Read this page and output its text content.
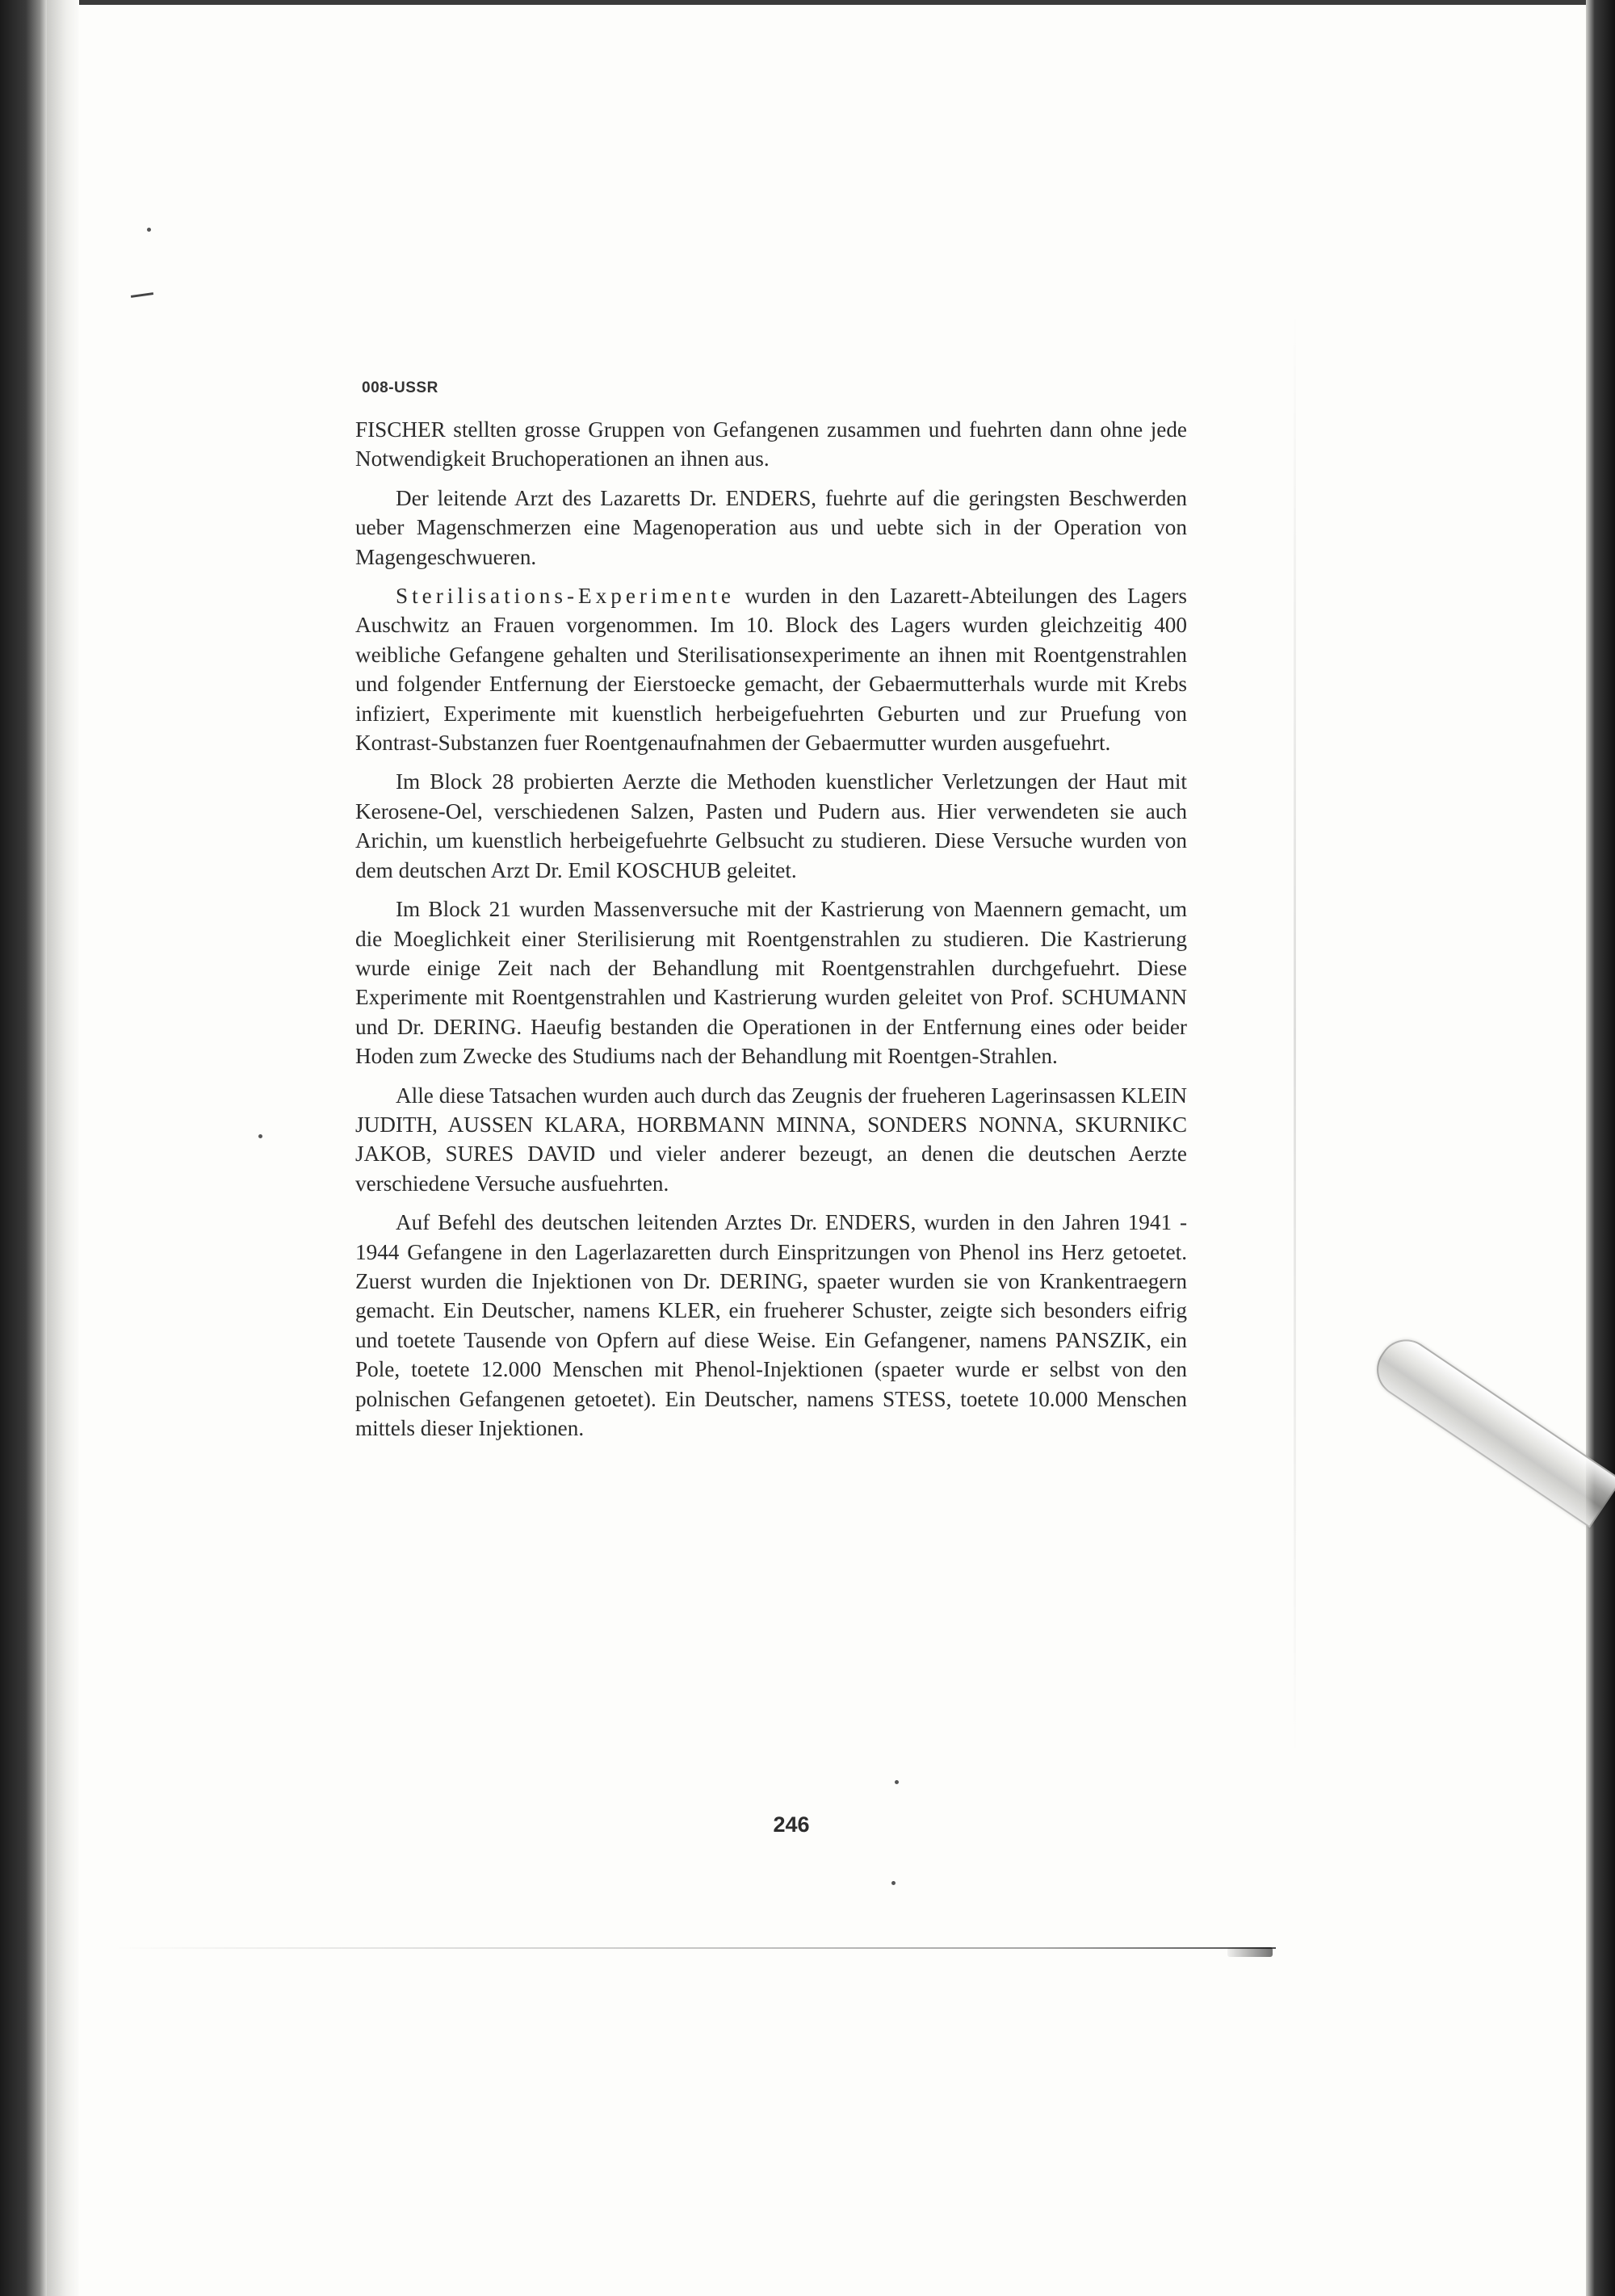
008-USSR

FISCHER stellten grosse Gruppen von Gefangenen zusammen und fuehrten dann ohne jede Notwendigkeit Bruchoperationen an ihnen aus.

Der leitende Arzt des Lazaretts Dr. ENDERS, fuehrte auf die geringsten Beschwerden ueber Magenschmerzen eine Magenoperation aus und uebte sich in der Operation von Magengeschwueren.

Sterilisations-Experimente wurden in den Lazarett-Abteilungen des Lagers Auschwitz an Frauen vorgenommen. Im 10. Block des Lagers wurden gleichzeitig 400 weibliche Gefangene gehalten und Sterilisationsexperimente an ihnen mit Roentgenstrahlen und folgender Entfernung der Eierstoecke gemacht, der Gebaermutterhals wurde mit Krebs infiziert, Experimente mit kuenstlich herbeigefuehrten Geburten und zur Pruefung von Kontrast-Substanzen fuer Roentgenaufnahmen der Gebaermutter wurden ausgefuehrt.

Im Block 28 probierten Aerzte die Methoden kuenstlicher Verletzungen der Haut mit Kerosene-Oel, verschiedenen Salzen, Pasten und Pudern aus. Hier verwendeten sie auch Arichin, um kuenstlich herbeigefuehrte Gelbsucht zu studieren. Diese Versuche wurden von dem deutschen Arzt Dr. Emil KOSCHUB geleitet.

Im Block 21 wurden Massenversuche mit der Kastrierung von Maennern gemacht, um die Moeglichkeit einer Sterilisierung mit Roentgenstrahlen zu studieren. Die Kastrierung wurde einige Zeit nach der Behandlung mit Roentgenstrahlen durchgefuehrt. Diese Experimente mit Roentgenstrahlen und Kastrierung wurden geleitet von Prof. SCHUMANN und Dr. DERING. Haeufig bestanden die Operationen in der Entfernung eines oder beider Hoden zum Zwecke des Studiums nach der Behandlung mit Roentgen-Strahlen.

Alle diese Tatsachen wurden auch durch das Zeugnis der frueheren Lagerinsassen KLEIN JUDITH, AUSSEN KLARA, HORBMANN MINNA, SONDERS NONNA, SKURNIKC JAKOB, SURES DAVID und vieler anderer bezeugt, an denen die deutschen Aerzte verschiedene Versuche ausfuehrten.

Auf Befehl des deutschen leitenden Arztes Dr. ENDERS, wurden in den Jahren 1941 - 1944 Gefangene in den Lagerlazaretten durch Einspritzungen von Phenol ins Herz getoetet. Zuerst wurden die Injektionen von Dr. DERING, spaeter wurden sie von Krankentraegern gemacht. Ein Deutscher, namens KLER, ein frueherer Schuster, zeigte sich besonders eifrig und toetete Tausende von Opfern auf diese Weise. Ein Gefangener, namens PANSZIK, ein Pole, toetete 12.000 Menschen mit Phenol-Injektionen (spaeter wurde er selbst von den polnischen Gefangenen getoetet). Ein Deutscher, namens STESS, toetete 10.000 Menschen mittels dieser Injektionen.

246
